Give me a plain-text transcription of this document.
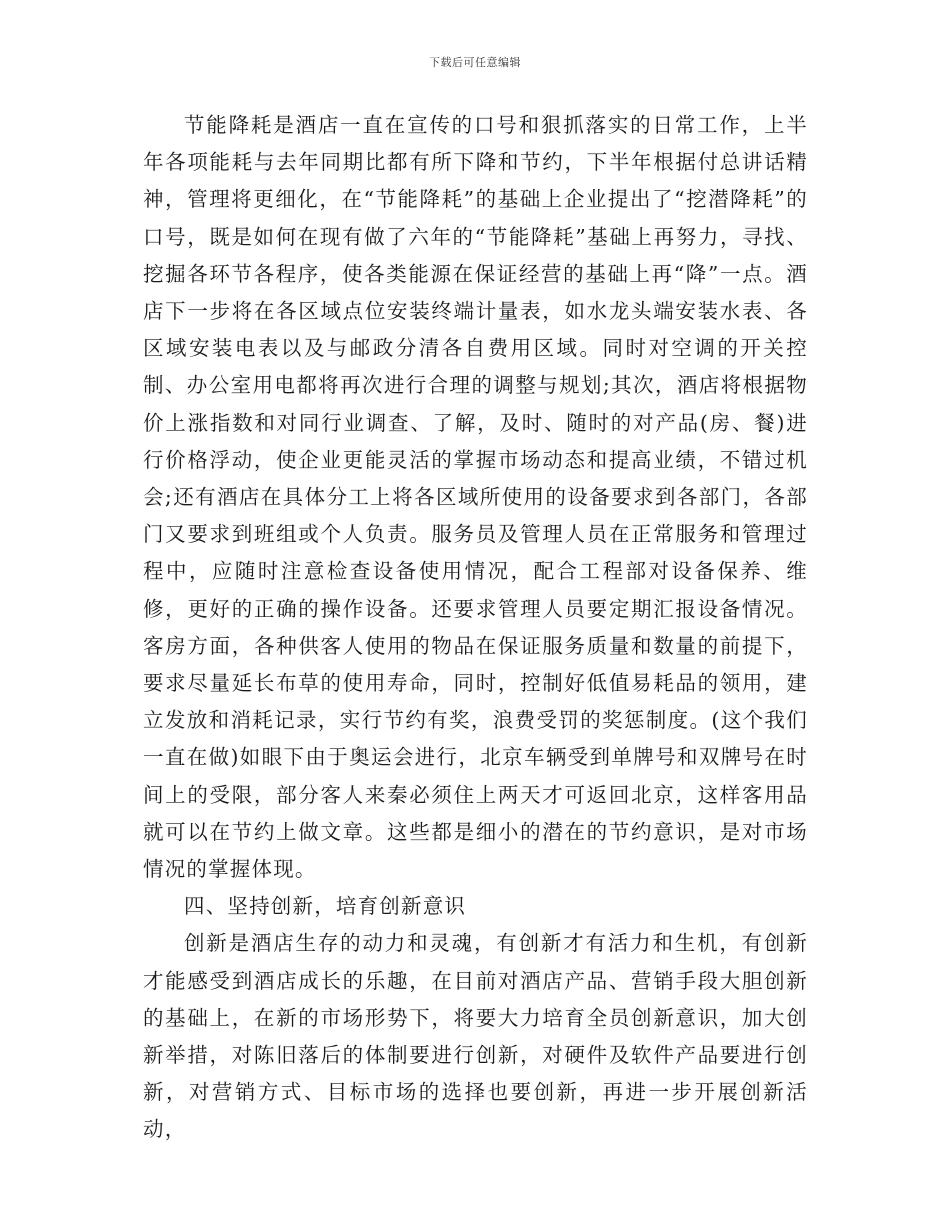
下载后可任意编辑

节能降耗是酒店一直在宣传的口号和狠抓落实的日常工作，上半年各项能耗与去年同期比都有所下降和节约，下半年根据付总讲话精神，管理将更细化，在“节能降耗”的基础上企业提出了“挖潜降耗”的口号，既是如何在现有做了六年的“节能降耗”基础上再努力，寻找、挖掘各环节各程序，使各类能源在保证经营的基础上再“降”一点。酒店下一步将在各区域点位安装终端计量表，如水龙头端安装水表、各区域安装电表以及与邮政分清各自费用区域。同时对空调的开关控制、办公室用电都将再次进行合理的调整与规划;其次，酒店将根据物价上涨指数和对同行业调查、了解，及时、随时的对产品(房、餐)进行价格浮动，使企业更能灵活的掌握市场动态和提高业绩，不错过机会;还有酒店在具体分工上将各区域所使用的设备要求到各部门，各部门又要求到班组或个人负责。服务员及管理人员在正常服务和管理过程中，应随时注意检查设备使用情况，配合工程部对设备保养、维修，更好的正确的操作设备。还要求管理人员要定期汇报设备情况。客房方面，各种供客人使用的物品在保证服务质量和数量的前提下，要求尽量延长布草的使用寿命，同时，控制好低值易耗品的领用，建立发放和消耗记录，实行节约有奖，浪费受罚的奖惩制度。(这个我们一直在做)如眼下由于奥运会进行，北京车辆受到单牌号和双牌号在时间上的受限，部分客人来秦必须住上两天才可返回北京，这样客用品就可以在节约上做文章。这些都是细小的潜在的节约意识，是对市场情况的掌握体现。

四、坚持创新，培育创新意识

创新是酒店生存的动力和灵魂，有创新才有活力和生机，有创新才能感受到酒店成长的乐趣，在目前对酒店产品、营销手段大胆创新的基础上，在新的市场形势下，将要大力培育全员创新意识，加大创新举措，对陈旧落后的体制要进行创新，对硬件及软件产品要进行创新，对营销方式、目标市场的选择也要创新，再进一步开展创新活动，
